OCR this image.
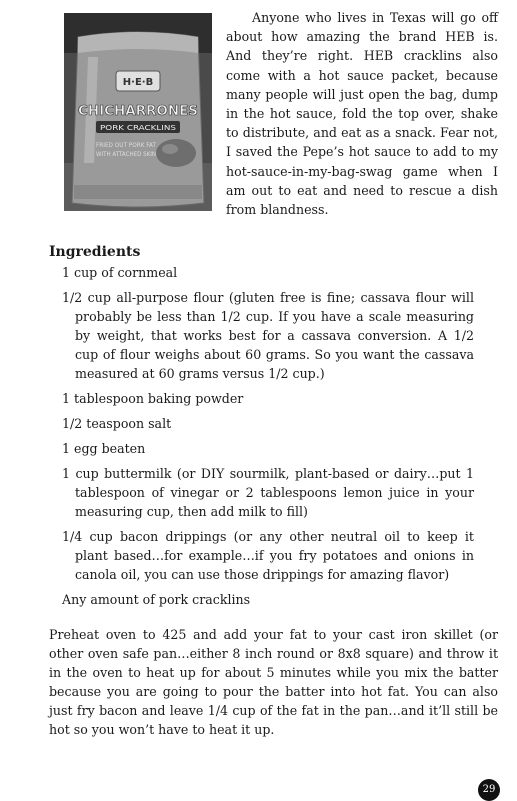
H·E·B
CHICHARRONES
PORK CRACKLINS
FRIED OUT PORK FAT
WITH ATTACHED SKIN

Anyone who lives in Texas will go off about how amazing the brand HEB is. And they’re right. HEB cracklins also come with a hot sauce packet, because many people will just open the bag, dump in the hot sauce, fold the top over, shake to distribute, and eat as a snack. Fear not, I saved the Pepe’s hot sauce to add to my hot-sauce-in-my-bag-swag game when I am out to eat and need to rescue a dish from blandness.

Ingredients
1 cup of cornmeal
1/2 cup all-purpose flour (gluten free is fine; cassava flour will probably be less than 1/2 cup. If you have a scale measuring by weight, that works best for a cassava conversion. A 1/2 cup of flour weighs about 60 grams. So you want the cassava measured at 60 grams versus 1/2 cup.)
1 tablespoon baking powder
1/2 teaspoon salt
1 egg beaten
1 cup buttermilk (or DIY sourmilk, plant-based or dairy…put 1 tablespoon of vinegar or 2 tablespoons lemon juice in your measuring cup, then add milk to fill)
1/4 cup bacon drippings (or any other neutral oil to keep it plant based…for example…if you fry potatoes and onions in canola oil, you can use those drippings for amazing flavor)
Any amount of pork cracklins

Preheat oven to 425 and add your fat to your cast iron skillet (or other oven safe pan…either 8 inch round or 8x8 square) and throw it in the oven to heat up for about 5 minutes while you mix the batter because you are going to pour the batter into hot fat. You can also just fry bacon and leave 1/4 cup of the fat in the pan…and it’ll still be hot so you won’t have to heat it up.

29
